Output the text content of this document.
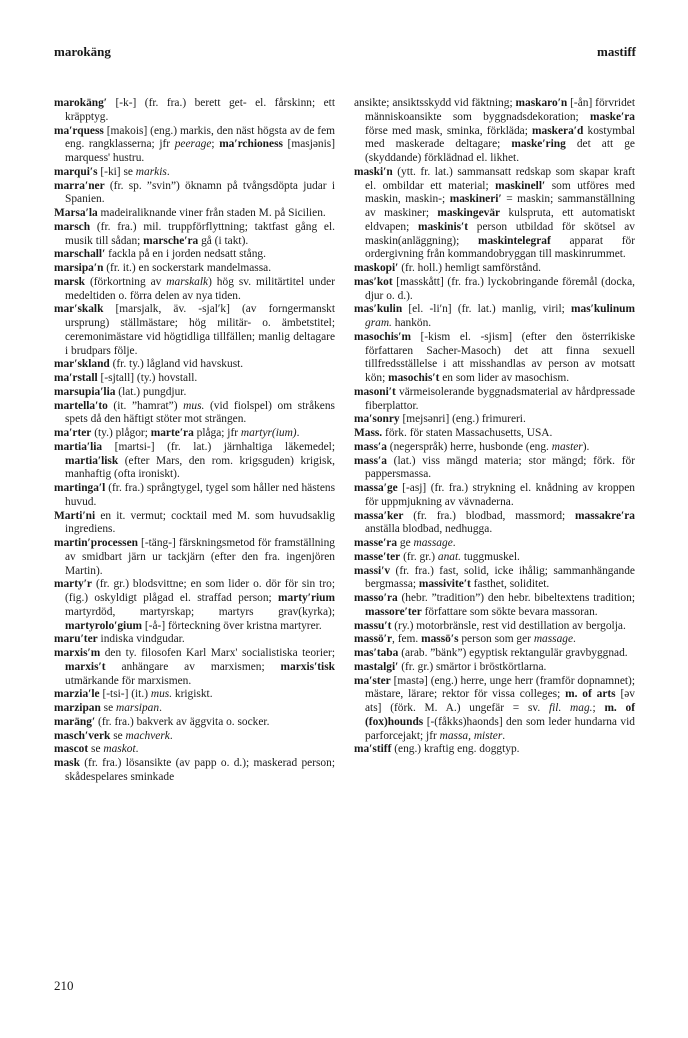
marokäng	mastiff

marokäng′ [-k-] (fr. fra.) berett get- el. fårskinn; ett kräpptyg.

ma′rquess [makois] (eng.) markis, den näst högsta av de fem eng. rangklasserna; jfr peerage; ma′rchioness [masjənis] marquess' hustru.

marqui′s [-ki] se markis.

marra′ner (fr. sp. ”svin”) öknamn på tvångsdöpta judar i Spanien.

Marsa′la madeiraliknande viner från staden M. på Sicilien.

marsch (fr. fra.) mil. truppförflyttning; taktfast gång el. musik till sådan; marsche′ra gå (i takt).

marschall′ fackla på en i jorden nedsatt stång.

marsipa′n (fr. it.) en sockerstark mandelmassa.

marsk (förkortning av marskalk) hög sv. militärtitel under medeltiden o. förra delen av nya tiden.

mar′skalk [marsjalk, äv. -sjal′k] (av forngermanskt ursprung) ställmästare; hög militär- o. ämbetstitel; ceremonimästare vid högtidliga tillfällen; manlig deltagare i brudpars följe.

mar′skland (fr. ty.) lågland vid havskust.

ma′rstall [-sjtall] (ty.) hovstall.

marsupia′lia (lat.) pungdjur.

martella′to (it. ”hamrat”) mus. (vid fiolspel) om stråkens spets då den häftigt stöter mot strängen.

ma′rter (ty.) plågor; marte′ra plåga; jfr martyr(ium).

martia′lia [martsi-] (fr. lat.) järnhaltiga läkemedel; martia′lisk (efter Mars, den rom. krigsguden) krigisk, manhaftig (ofta ironiskt).

martinga′l (fr. fra.) språngtygel, tygel som håller ned hästens huvud.

Marti′ni en it. vermut; cocktail med M. som huvudsaklig ingrediens.

martin′processen [-täng-] färskningsmetod för framställning av smidbart järn ur tackjärn (efter den fra. ingenjören Martin).

marty′r (fr. gr.) blodsvittne; en som lider o. dör för sin tro; (fig.) oskyldigt plågad el. straffad person; marty′rium martyrdöd, martyrskap; martyrs grav(kyrka); martyrolo′gium [-å-] förteckning över kristna martyrer.

maru′ter indiska vindgudar.

marxis′m den ty. filosofen Karl Marx' socialistiska teorier; marxis′t anhängare av marxismen; marxis′tisk utmärkande för marxismen.

marzia′le [-tsi-] (it.) mus. krigiskt.

marzipan se marsipan.

maräng′ (fr. fra.) bakverk av äggvita o. socker.

masch′verk se machverk.

mascot se maskot.

mask (fr. fra.) lösansikte (av papp o. d.); maskerad person; skådespelares sminkade

ansikte; ansiktsskydd vid fäktning; maskaro′n [-ån] förvridet människoansikte som byggnadsdekoration; maske′ra förse med mask, sminka, förkläda; maskera′d kostymbal med maskerade deltagare; maske′ring det att ge (skyddande) förklädnad el. likhet.

maski′n (ytt. fr. lat.) sammansatt redskap som skapar kraft el. ombildar ett material; maskinell′ som utföres med maskin, maskin-; maskineri′ = maskin; sammanställning av maskiner; maskingevär kulspruta, ett automatiskt eldvapen; maskinis′t person utbildad för skötsel av maskin(anläggning); maskintelegraf apparat för ordergivning från kommandobryggan till maskinrummet.

maskopi′ (fr. holl.) hemligt samförstånd.

mas′kot [masskått] (fr. fra.) lyckobringande föremål (docka, djur o. d.).

mas′kulin [el. -li′n] (fr. lat.) manlig, viril; mas′kulinum gram. hankön.

masochis′m [-kism el. -sjism] (efter den österrikiske författaren Sacher-Masoch) det att finna sexuell tillfredsställelse i att misshandlas av person av motsatt kön; masochis′t en som lider av masochism.

masoni′t värmeisolerande byggnadsmaterial av hårdpressade fiberplattor.

ma′sonry [mejsənri] (eng.) frimureri.

Mass. förk. för staten Massachusetts, USA.

mass′a (negerspråk) herre, husbonde (eng. master).

mass′a (lat.) viss mängd materia; stor mängd; förk. för pappersmassa.

massa′ge [-asj] (fr. fra.) strykning el. knådning av kroppen för uppmjukning av vävnaderna.

massa′ker (fr. fra.) blodbad, massmord; massakre′ra anställa blodbad, nedhugga.

masse′ra ge massage.

masse′ter (fr. gr.) anat. tuggmuskel.

massi′v (fr. fra.) fast, solid, icke ihålig; sammanhängande bergmassa; massivite′t fasthet, soliditet.

masso′ra (hebr. ”tradition”) den hebr. bibeltextens tradition; massore′ter författare som sökte bevara massoran.

massu′t (ry.) motorbränsle, rest vid destillation av bergolja.

massö′r, fem. massö′s person som ger massage.

mas′taba (arab. ”bänk”) egyptisk rektangulär gravbyggnad.

mastalgi′ (fr. gr.) smärtor i bröstkörtlarna.

ma′ster [mastə] (eng.) herre, unge herr (framför dopnamnet); mästare, lärare; rektor för vissa colleges; m. of arts [əv ats] (förk. M. A.) ungefär = sv. fil. mag.; m. of (fox)hounds [-(fåkks)haonds] den som leder hundarna vid parforcejakt; jfr massa, mister.

ma′stiff (eng.) kraftig eng. doggtyp.

210
